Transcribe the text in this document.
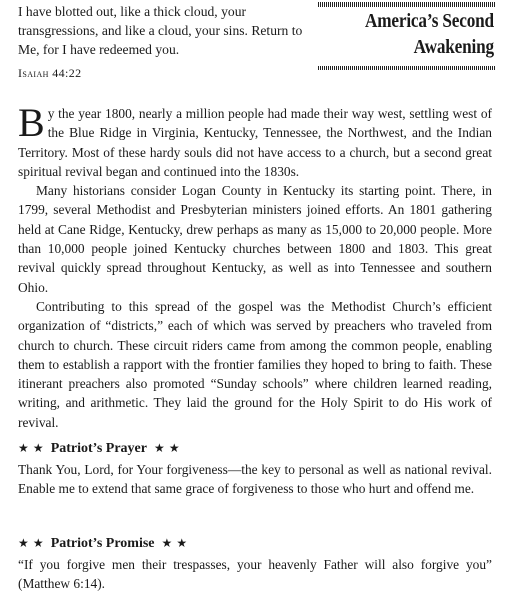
I have blotted out, like a thick cloud, your transgressions, and like a cloud, your sins. Return to Me, for I have redeemed you.
Isaiah 44:22
America’s Second
Awakening

By the year 1800, nearly a million people had made their way west, settling west of the Blue Ridge in Virginia, Kentucky, Tennessee, the Northwest, and the Indian Territory. Most of these hardy souls did not have access to a church, but a second great spiritual revival began and continued into the 1830s.

Many historians consider Logan County in Kentucky its starting point. There, in 1799, several Methodist and Presbyterian ministers joined efforts. An 1801 gathering held at Cane Ridge, Kentucky, drew perhaps as many as 15,000 to 20,000 people. More than 10,000 people joined Kentucky churches between 1800 and 1803. This great revival quickly spread throughout Kentucky, as well as into Tennessee and southern Ohio.

Contributing to this spread of the gospel was the Methodist Church’s efficient organization of “districts,” each of which was served by preachers who traveled from church to church. These circuit riders came from among the common people, enabling them to establish a rapport with the frontier families they hoped to bring to faith. These itinerant preachers also promoted “Sunday schools” where children learned reading, writing, and arithmetic. They laid the ground for the Holy Spirit to do His work of revival.

★ ★ Patriot’s Prayer ★ ★

Thank You, Lord, for Your forgiveness—the key to personal as well as national revival. Enable me to extend that same grace of forgiveness to those who hurt and offend me.

★ ★ Patriot’s Promise ★ ★

“If you forgive men their trespasses, your heavenly Father will also forgive you” (Matthew 6:14).
